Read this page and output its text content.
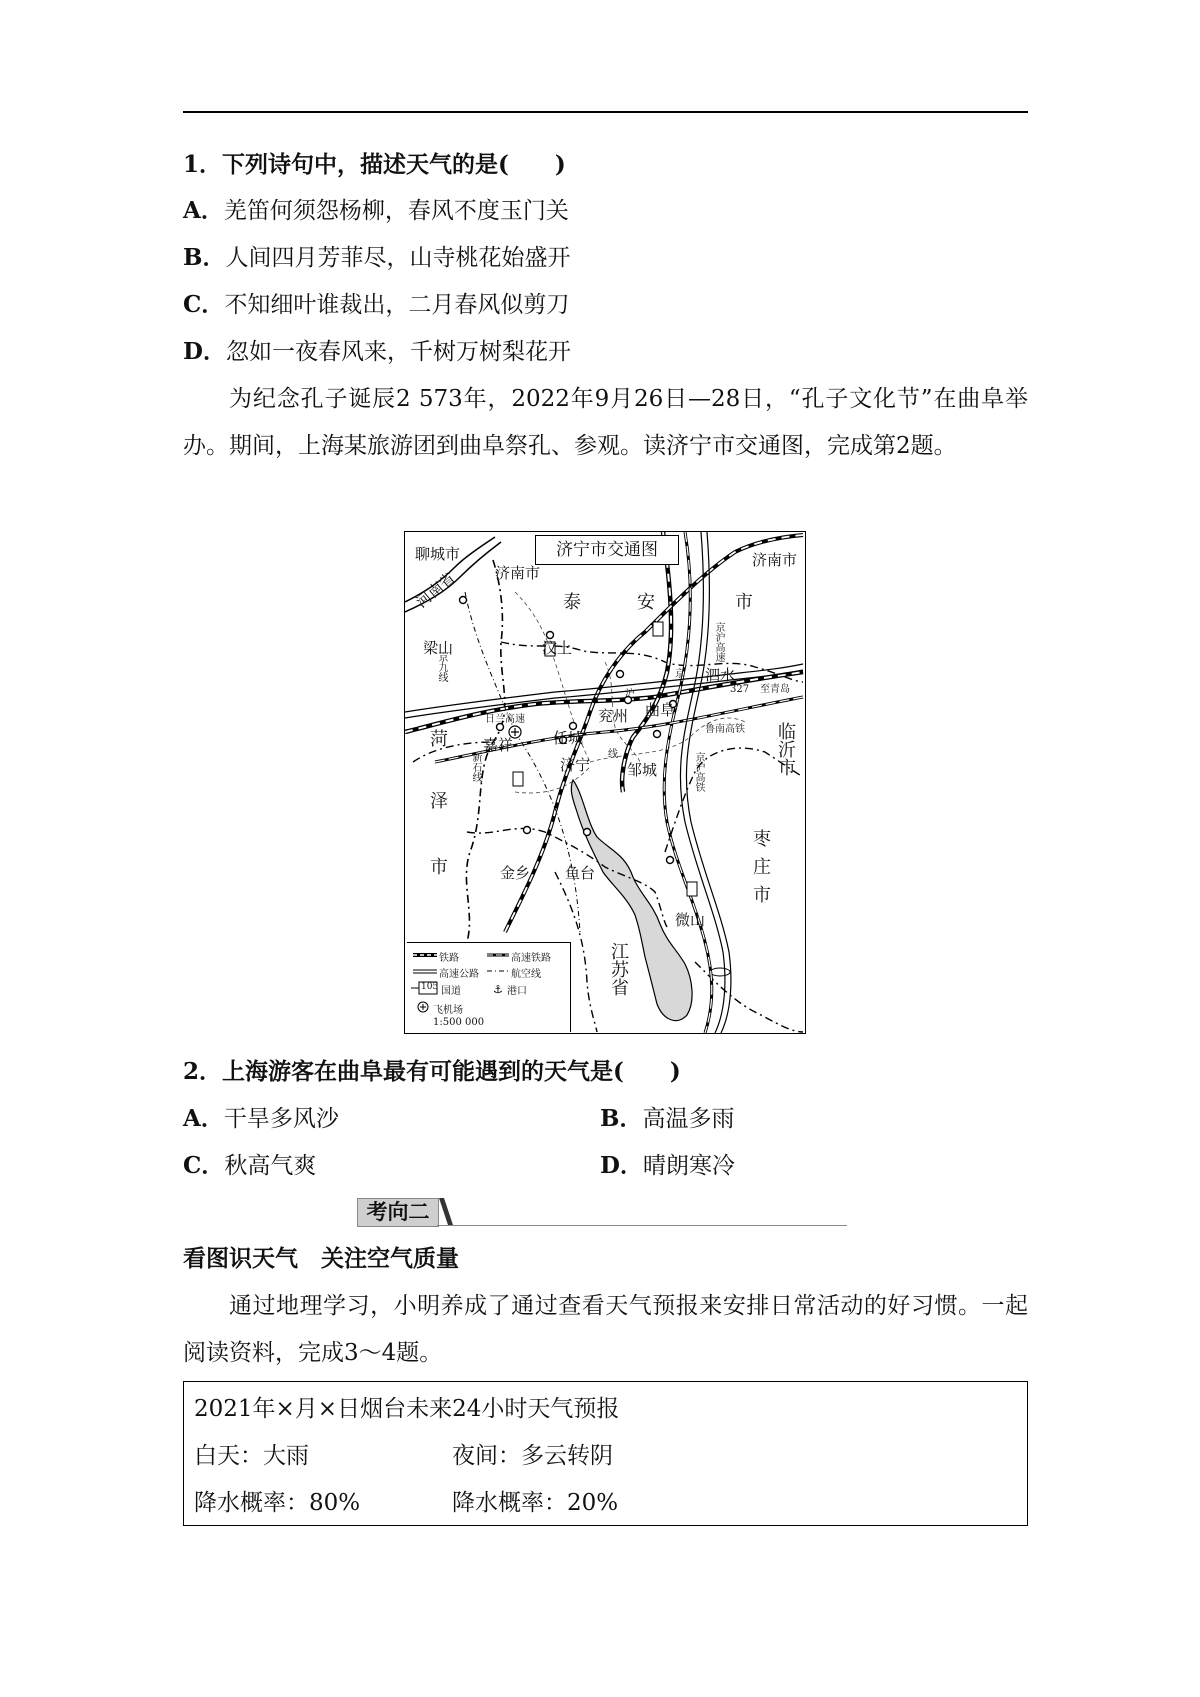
1．下列诗句中，描述天气的是(　　)
A．羌笛何须怨杨柳，春风不度玉门关
B．人间四月芳菲尽，山寺桃花始盛开
C．不知细叶谁裁出，二月春风似剪刀
D．忽如一夜春风来，千树万树梨花开
为纪念孔子诞辰2 573年，2022年9月26日—28日，“孔子文化节”在曲阜举办。期间，上海某旅游团到曲阜祭孔、参观。读济宁市交通图，完成第2题。
济宁市交通图
聊城市
济南市
济南市
河南省	泰	安	市
梁山	汶上
泗水
兖州 曲阜
菏 嘉祥	任城
济宁 邹城
泽
市	金乡 鱼台
微山
临沂市
枣
庄
市
江苏省
327 至青岛
京沪高速
京沪高铁
鲁南高铁
京九线
日兰高速
新石线
京
沪
线
⚓
铁路	高速铁路
高速公路	航空线
105 国道	港口
飞机场
1:500 000
2．上海游客在曲阜最有可能遇到的天气是(　　)
A．干旱多风沙	B．高温多雨
C．秋高气爽	D．晴朗寒冷
考向二
看图识天气　关注空气质量
通过地理学习，小明养成了通过查看天气预报来安排日常活动的好习惯。一起阅读资料，完成3～4题。
2021年×月×日烟台未来24小时天气预报
白天：大雨	夜间：多云转阴
降水概率：80%	降水概率：20%
